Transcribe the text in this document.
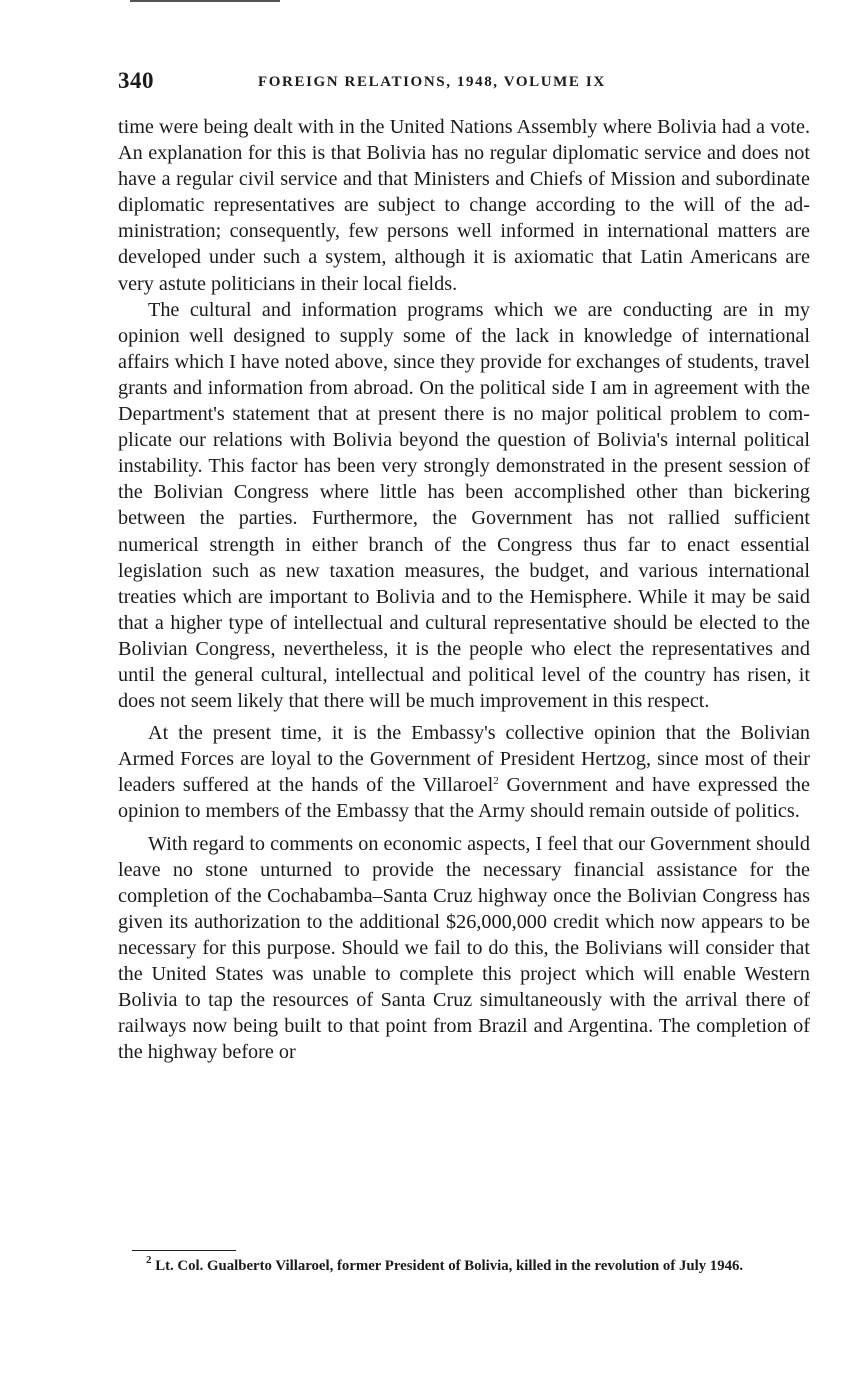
340	FOREIGN RELATIONS, 1948, VOLUME IX

time were being dealt with in the United Nations Assembly where Bolivia had a vote. An explanation for this is that Bolivia has no regular diplomatic service and does not have a regular civil service and that Ministers and Chiefs of Mission and subordinate diplomatic representatives are subject to change according to the will of the administration; consequently, few persons well informed in international matters are developed under such a system, although it is axiomatic that Latin Americans are very astute politicians in their local fields.

The cultural and information programs which we are conducting are in my opinion well designed to supply some of the lack in knowledge of international affairs which I have noted above, since they provide for exchanges of students, travel grants and information from abroad. On the political side I am in agreement with the Department's statement that at present there is no major political problem to complicate our relations with Bolivia beyond the question of Bolivia's internal political instability. This factor has been very strongly demonstrated in the present session of the Bolivian Congress where little has been accomplished other than bickering between the parties. Furthermore, the Government has not rallied sufficient numerical strength in either branch of the Congress thus far to enact essential legislation such as new taxation measures, the budget, and various international treaties which are important to Bolivia and to the Hemisphere. While it may be said that a higher type of intellectual and cultural representative should be elected to the Bolivian Congress, nevertheless, it is the people who elect the representatives and until the general cultural, intellectual and political level of the country has risen, it does not seem likely that there will be much improvement in this respect.

At the present time, it is the Embassy's collective opinion that the Bolivian Armed Forces are loyal to the Government of President Hertzog, since most of their leaders suffered at the hands of the Villaroel$^2$ Government and have expressed the opinion to members of the Embassy that the Army should remain outside of politics.

With regard to comments on economic aspects, I feel that our Government should leave no stone unturned to provide the necessary financial assistance for the completion of the Cochabamba–Santa Cruz highway once the Bolivian Congress has given its authorization to the additional $26,000,000 credit which now appears to be necessary for this purpose. Should we fail to do this, the Bolivians will consider that the United States was unable to complete this project which will enable Western Bolivia to tap the resources of Santa Cruz simultaneously with the arrival there of railways now being built to that point from Brazil and Argentina. The completion of the highway before or

$^2$ Lt. Col. Gualberto Villaroel, former President of Bolivia, killed in the revolution of July 1946.
